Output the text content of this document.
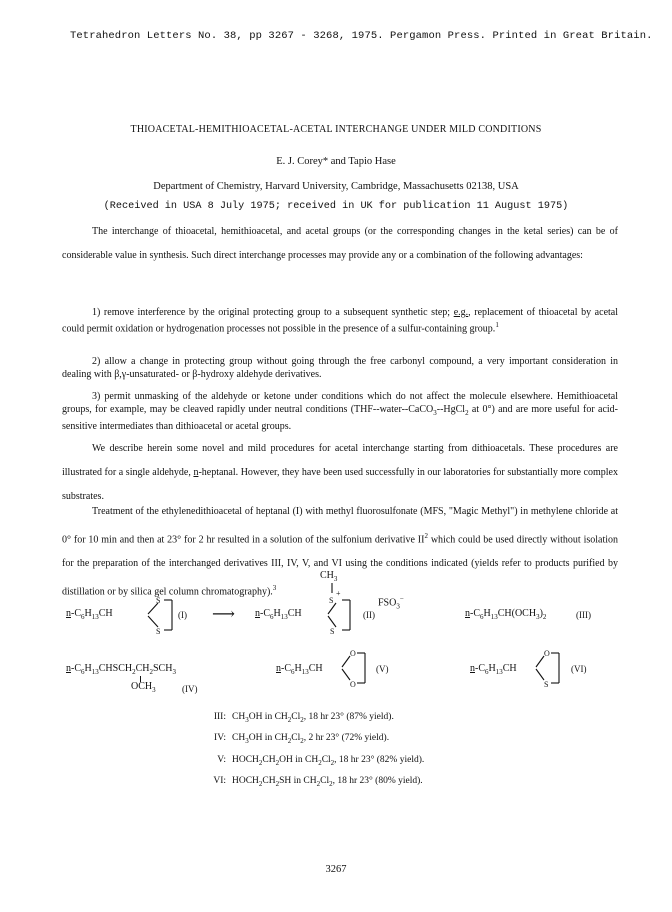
Tetrahedron Letters No. 38, pp 3267 - 3268, 1975. Pergamon Press. Printed in Great Britain.
THIOACETAL-HEMITHIOACETAL-ACETAL INTERCHANGE UNDER MILD CONDITIONS
E. J. Corey* and Tapio Hase
Department of Chemistry, Harvard University, Cambridge, Massachusetts 02138, USA
(Received in USA 8 July 1975; received in UK for publication 11 August 1975)
The interchange of thioacetal, hemithioacetal, and acetal groups (or the corresponding changes in the ketal series) can be of considerable value in synthesis. Such direct interchange processes may provide any or a combination of the following advantages:
1) remove interference by the original protecting group to a subsequent synthetic step; e.g., replacement of thioacetal by acetal could permit oxidation or hydrogenation processes not possible in the presence of a sulfur-containing group.$^1$
2) allow a change in protecting group without going through the free carbonyl compound, a very important consideration in dealing with β,γ-unsaturated- or β-hydroxy aldehyde derivatives.
3) permit unmasking of the aldehyde or ketone under conditions which do not affect the molecule elsewhere. Hemithioacetal groups, for example, may be cleaved rapidly under neutral conditions (THF--water--CaCO$_3$--HgCl$_2$ at 0°) and are more useful for acid-sensitive intermediates than dithioacetal or acetal groups.
We describe herein some novel and mild procedures for acetal interchange starting from dithioacetals. These procedures are illustrated for a single aldehyde, n-heptanal. However, they have been used successfully in our laboratories for substantially more complex substrates.
Treatment of the ethylenedithioacetal of heptanal (I) with methyl fluorosulfonate (MFS, "Magic Methyl") in methylene chloride at 0° for 10 min and then at 23° for 2 hr resulted in a solution of the sulfonium derivative $II^2$ which could be used directly without isolation for the preparation of the interchanged derivatives III, IV, V, and VI using the conditions indicated (yields refer to products purified by distillation or by silica gel column chromatography).$^3$
$n-C_6H_{13}CH$
S
S
(I) ⟶ $n-C_6H_{13}CH$
$CH_3$
S
+
S
$FSO_3^-$
(II)	$n-C_6H_{13}CH(OCH_3)_2$	(III)
$n-C_6H_{13}CHSCH_2CH_2SCH_3$
$OCH_3$	(IV)
$n-C_6H_{13}CH$
O
O
(V)	$n-C_6H_{13}CH$
O
S
(VI)
III: $CH_3OH$ in $CH_2Cl_2$, 18 hr 23° (87% yield).
IV: $CH_3OH$ in $CH_2Cl_2$, 2 hr 23° (72% yield).
V: $HOCH_2CH_2OH$ in $CH_2Cl_2$, 18 hr 23° (82% yield).
VI: $HOCH_2CH_2SH$ in $CH_2Cl_2$, 18 hr 23° (80% yield).
3267
